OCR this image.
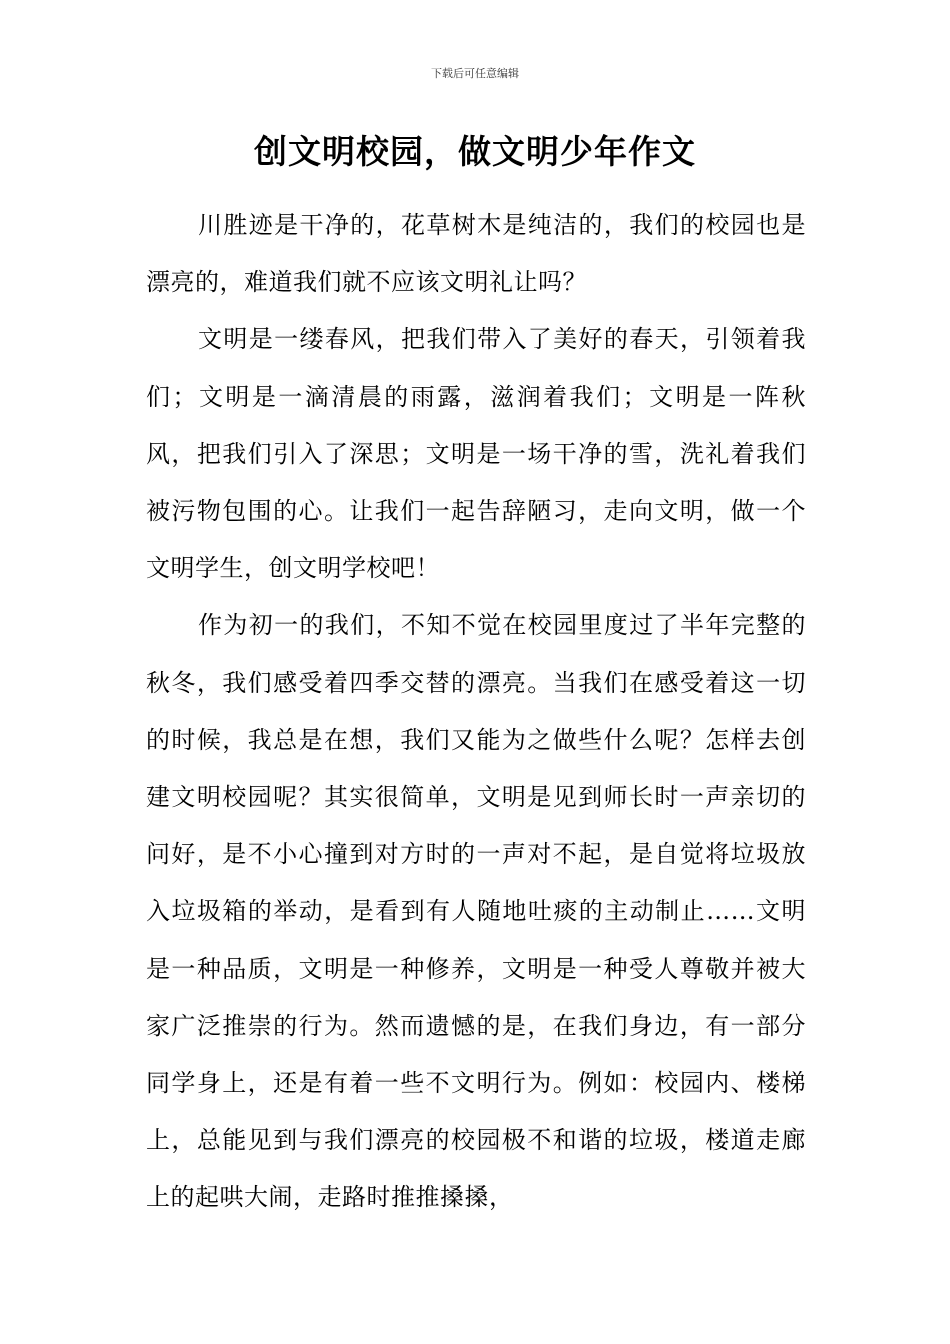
下载后可任意编辑
创文明校园，做文明少年作文

川胜迹是干净的，花草树木是纯洁的，我们的校园也是漂亮的，难道我们就不应该文明礼让吗？

文明是一缕春风，把我们带入了美好的春天，引领着我们；文明是一滴清晨的雨露，滋润着我们；文明是一阵秋风，把我们引入了深思；文明是一场干净的雪，洗礼着我们被污物包围的心。让我们一起告辞陋习，走向文明，做一个文明学生，创文明学校吧！

作为初一的我们，不知不觉在校园里度过了半年完整的秋冬，我们感受着四季交替的漂亮。当我们在感受着这一切的时候，我总是在想，我们又能为之做些什么呢？怎样去创建文明校园呢？其实很简单，文明是见到师长时一声亲切的问好，是不小心撞到对方时的一声对不起，是自觉将垃圾放入垃圾箱的举动，是看到有人随地吐痰的主动制止……文明是一种品质，文明是一种修养，文明是一种受人尊敬并被大家广泛推崇的行为。然而遗憾的是，在我们身边，有一部分同学身上，还是有着一些不文明行为。例如：校园内、楼梯上，总能见到与我们漂亮的校园极不和谐的垃圾，楼道走廊上的起哄大闹，走路时推推搡搡，
